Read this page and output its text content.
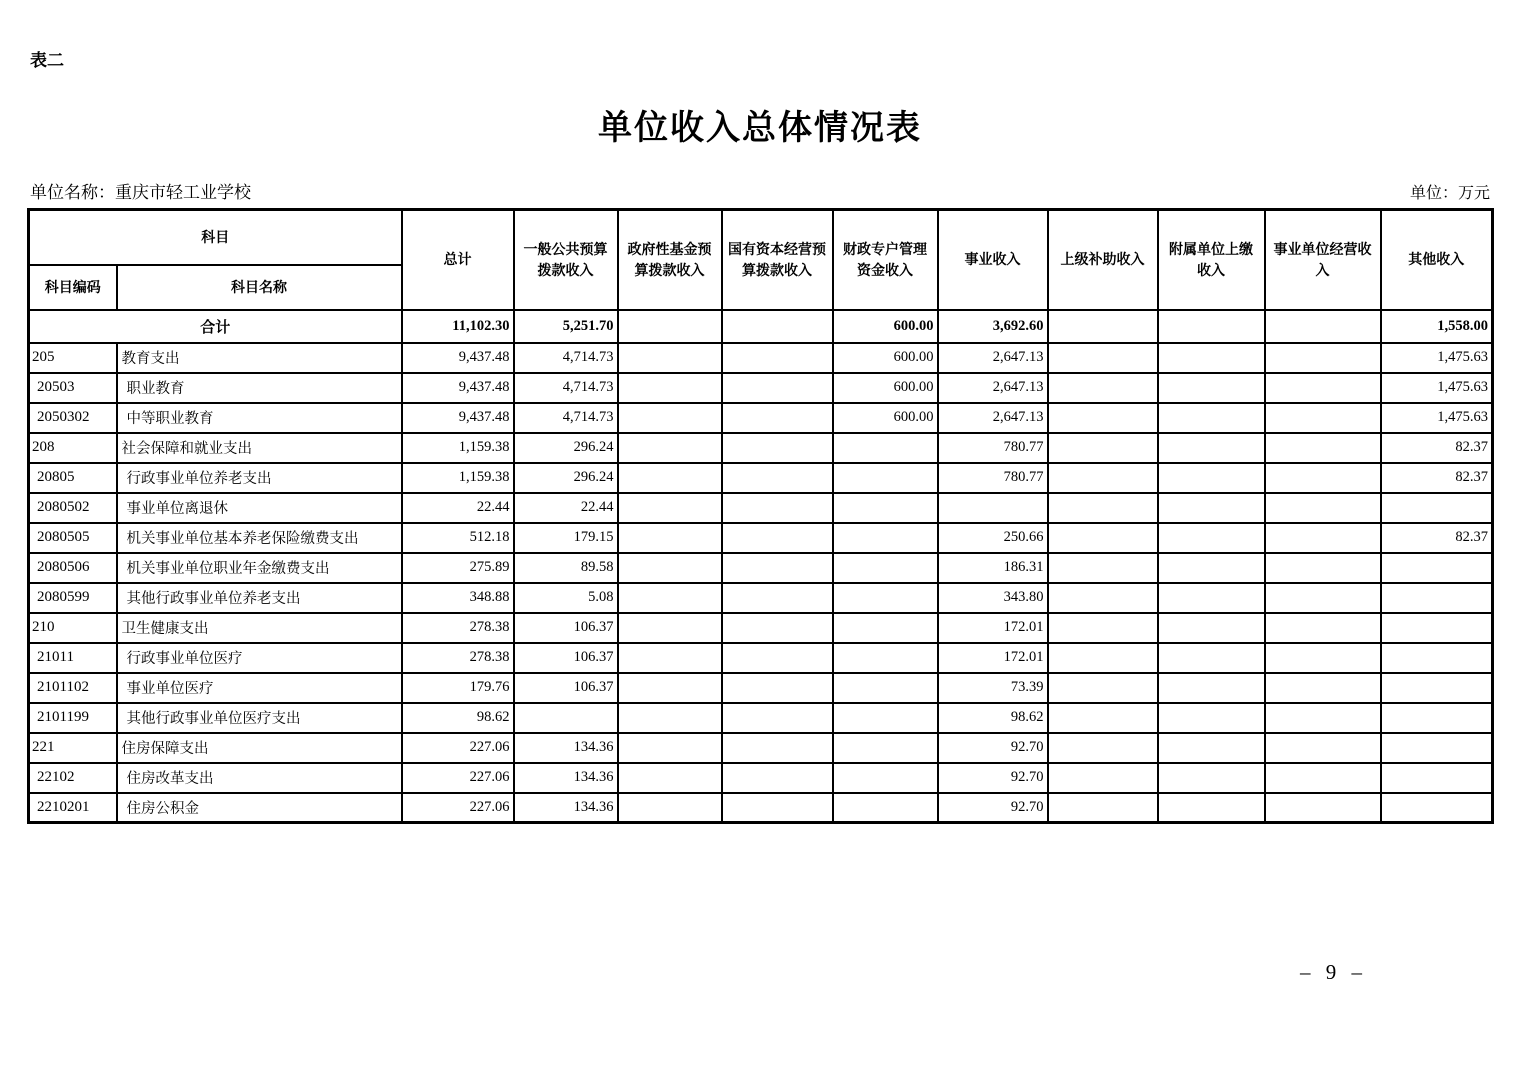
表二
单位收入总体情况表
单位名称：重庆市轻工业学校	单位：万元
科目		总计	一般公共预算拨款收入	政府性基金预算拨款收入	国有资本经营预算拨款收入	财政专户管理资金收入	事业收入	上级补助收入	附属单位上缴收入	事业单位经营收入	其他收入
科目编码	科目名称										
合计		11,102.30	5,251.70			600.00	3,692.60				1,558.00
205	教育支出	9,437.48	4,714.73			600.00	2,647.13				1,475.63
20503	职业教育	9,437.48	4,714.73			600.00	2,647.13				1,475.63
2050302	中等职业教育	9,437.48	4,714.73			600.00	2,647.13				1,475.63
208	社会保障和就业支出	1,159.38	296.24				780.77				82.37
20805	行政事业单位养老支出	1,159.38	296.24				780.77				82.37
2080502	事业单位离退休	22.44	22.44								
2080505	机关事业单位基本养老保险缴费支出	512.18	179.15				250.66				82.37
2080506	机关事业单位职业年金缴费支出	275.89	89.58				186.31				
2080599	其他行政事业单位养老支出	348.88	5.08				343.80				
210	卫生健康支出	278.38	106.37				172.01				
21011	行政事业单位医疗	278.38	106.37				172.01				
2101102	事业单位医疗	179.76	106.37				73.39				
2101199	其他行政事业单位医疗支出	98.62					98.62				
221	住房保障支出	227.06	134.36				92.70				
22102	住房改革支出	227.06	134.36				92.70				
2210201	住房公积金	227.06	134.36				92.70				
– 9 –
